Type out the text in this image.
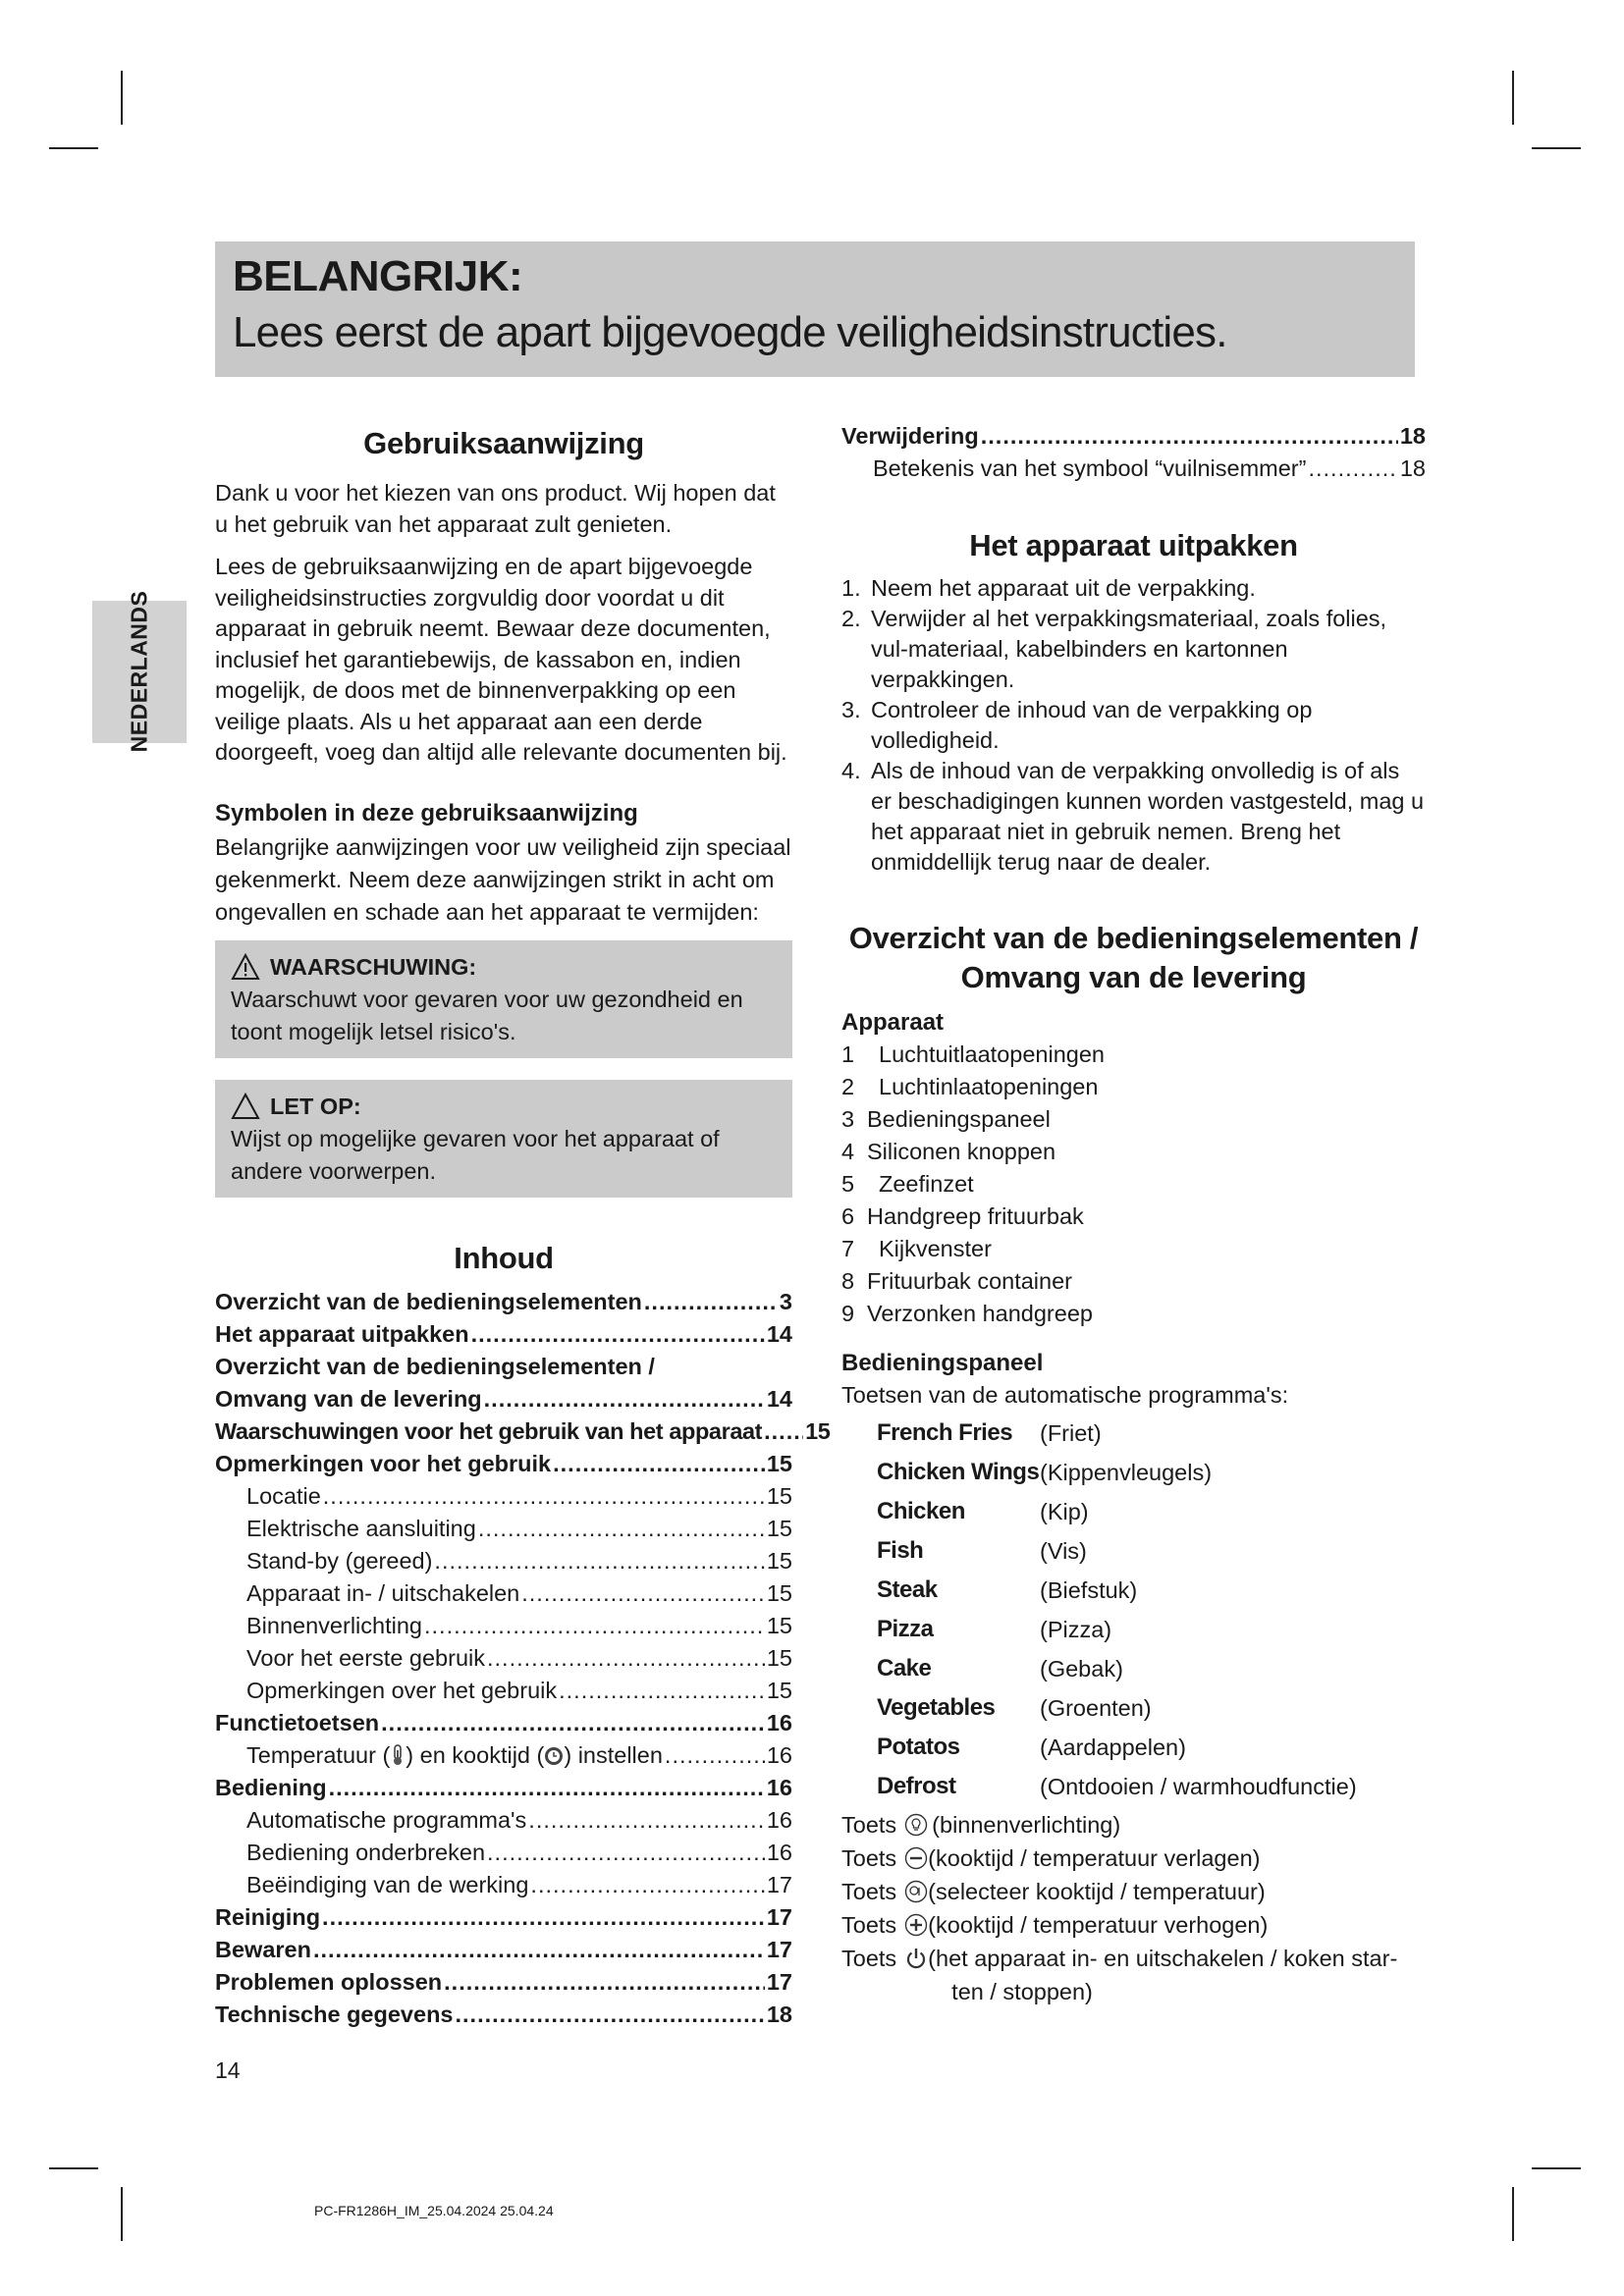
BELANGRIJK:
Lees eerst de apart bijgevoegde veiligheidsinstructies.
NEDERLANDS
Gebruiksaanwijzing

Dank u voor het kiezen van ons product. Wij hopen dat u het gebruik van het apparaat zult genieten.

Lees de gebruiksaanwijzing en de apart bijgevoegde veiligheidsinstructies zorgvuldig door voordat u dit apparaat in gebruik neemt. Bewaar deze documenten, inclusief het garantiebewijs, de kassabon en, indien mogelijk, de doos met de binnenverpakking op een veilige plaats. Als u het apparaat aan een derde doorgeeft, voeg dan altijd alle relevante documenten bij.

Symbolen in deze gebruiksaanwijzing

Belangrijke aanwijzingen voor uw veiligheid zijn speciaal gekenmerkt. Neem deze aanwijzingen strikt in acht om ongevallen en schade aan het apparaat te vermijden:

WAARSCHUWING:

Waarschuwt voor gevaren voor uw gezondheid en toont mogelijk letsel risico's.

LET OP:

Wijst op mogelijke gevaren voor het apparaat of andere voorwerpen.

Inhoud
Overzicht van de bedieningselementen .....	3
Het apparaat uitpakken .....	14
Overzicht van de bedieningselementen /
Omvang van de levering .....	14
Waarschuwingen voor het gebruik van het apparaat ..... 15
Opmerkingen voor het gebruik .....	15
Locatie .....	15
Elektrische aansluiting .....	15
Stand-by (gereed) .....	15
Apparaat in- / uitschakelen .....	15
Binnenverlichting .....	15
Voor het eerste gebruik .....	15
Opmerkingen over het gebruik .....	15
Functietoetsen .....	16
Temperatuur ( ) en kooktijd ( ) instellen .....	16
Bediening .....	16
Automatische programma's .....	16
Bediening onderbreken .....	16
Beëindiging van de werking .....	17
Reiniging .....	17
Bewaren .....	17
Problemen oplossen .....	17
Technische gegevens .....	18
Verwijdering .....	18
Betekenis van het symbool “vuilnisemmer” .....	18
Het apparaat uitpakken
1. Neem het apparaat uit de verpakking.
2. Verwijder al het verpakkingsmateriaal, zoals folies, vul-materiaal, kabelbinders en kartonnen verpakkingen.
3. Controleer de inhoud van de verpakking op volledigheid.
4. Als de inhoud van de verpakking onvolledig is of als er beschadigingen kunnen worden vastgesteld, mag u het apparaat niet in gebruik nemen. Breng het onmiddellijk terug naar de dealer.
Overzicht van de bedieningselementen /
Omvang van de levering
Apparaat
1	Luchtuitlaatopeningen
2	Luchtinlaatopeningen
3 Bedieningspaneel
4 Siliconen knoppen
5	Zeefinzet
6 Handgreep frituurbak
7	Kijkvenster
8 Frituurbak container
9 Verzonken handgreep
Bedieningspaneel

Toetsen van de automatische programma's:

French Fries	(Friet)
Chicken Wings (Kippenvleugels)
Chicken	(Kip)
Fish	(Vis)
Steak	(Biefstuk)
Pizza	(Pizza)
Cake	(Gebak)
Vegetables	(Groenten)
Potatos	(Aardappelen)
Defrost	(Ontdooien / warmhoudfunctie)
Toets (binnenverlichting)
Toets (kooktijd / temperatuur verlagen)
Toets (selecteer kooktijd / temperatuur)
Toets (kooktijd / temperatuur verhogen)
Toets (het apparaat in- en uitschakelen / koken star-
ten / stoppen)
14
PC-FR1286H_IM_25.04.2024 25.04.24
